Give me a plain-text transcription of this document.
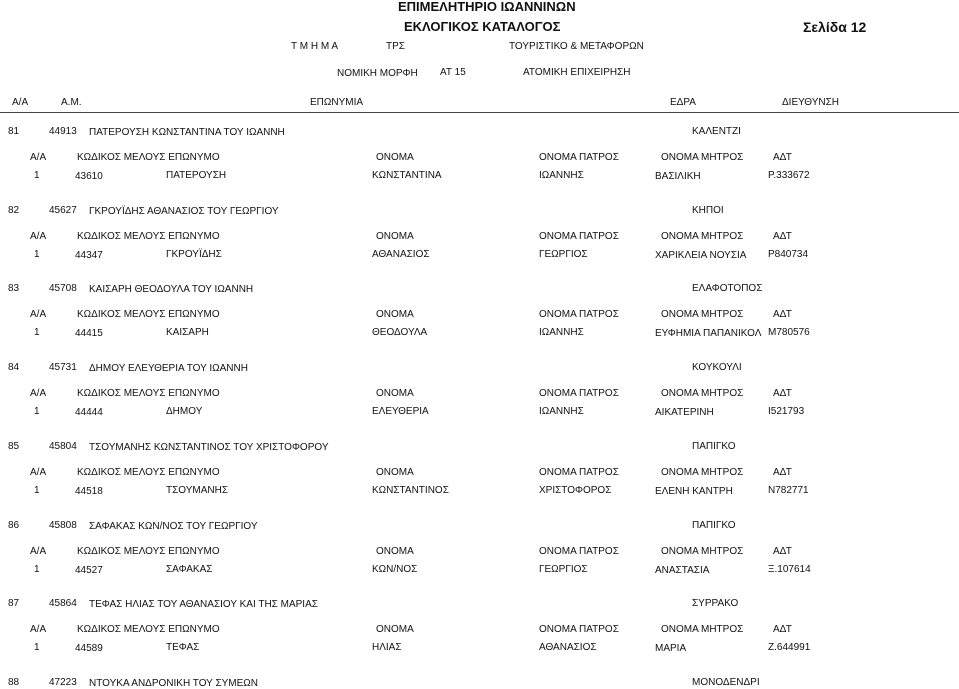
ΕΠΙΜΕΛΗΤΗΡΙΟ ΙΩΑΝΝΙΝΩΝ
ΕΚΛΟΓΙΚΟΣ ΚΑΤΑΛΟΓΟΣ	Σελίδα 12
Τ Μ Η Μ Α	ΤΡΣ	ΤΟΥΡΙΣΤΙΚΟ & ΜΕΤΑΦΟΡΩΝ
ΝΟΜΙΚΗ ΜΟΡΦΗ ΑΤ 15	ΑΤΟΜΙΚΗ ΕΠΙΧΕΙΡΗΣΗ
Α/Α	Α.Μ.	ΕΠΩΝΥΜΙΑ	ΕΔΡΑ	ΔΙΕΥΘΥΝΣΗ
81	44913 ΠΑΤΕΡΟΥΣΗ ΚΩΝΣΤΑΝΤΙΝΑ ΤΟΥ ΙΩΑΝΝΗ	ΚΑΛΕΝΤΖΙ
Α/Α	ΚΩΔΙΚΟΣ ΜΕΛΟΥΣ ΕΠΩΝΥΜΟ	ΟΝΟΜΑ	ΟΝΟΜΑ ΠΑΤΡΟΣ	ΟΝΟΜΑ ΜΗΤΡΟΣ	ΑΔΤ
1	43610	ΠΑΤΕΡΟΥΣΗ	ΚΩΝΣΤΑΝΤΙΝΑ	ΙΩΑΝΝΗΣ	ΒΑΣΙΛΙΚΗ	Ρ.333672
82	45627 ΓΚΡΟΥΪΔΗΣ ΑΘΑΝΑΣΙΟΣ ΤΟΥ ΓΕΩΡΓΙΟΥ	ΚΗΠΟΙ
Α/Α	ΚΩΔΙΚΟΣ ΜΕΛΟΥΣ ΕΠΩΝΥΜΟ	ΟΝΟΜΑ	ΟΝΟΜΑ ΠΑΤΡΟΣ	ΟΝΟΜΑ ΜΗΤΡΟΣ	ΑΔΤ
1	44347	ΓΚΡΟΥΪΔΗΣ	ΑΘΑΝΑΣΙΟΣ	ΓΕΩΡΓΙΟΣ	ΧΑΡΙΚΛΕΙΑ ΝΟΥΣΙΑ Ρ840734
83	45708 ΚΑΙΣΑΡΗ ΘΕΟΔΟΥΛΑ ΤΟΥ ΙΩΑΝΝΗ	ΕΛΑΦΟΤΟΠΟΣ
Α/Α	ΚΩΔΙΚΟΣ ΜΕΛΟΥΣ ΕΠΩΝΥΜΟ	ΟΝΟΜΑ	ΟΝΟΜΑ ΠΑΤΡΟΣ	ΟΝΟΜΑ ΜΗΤΡΟΣ	ΑΔΤ
1	44415	ΚΑΙΣΑΡΗ	ΘΕΟΔΟΥΛΑ	ΙΩΑΝΝΗΣ	ΕΥΦΗΜΙΑ ΠΑΠΑΝΙΚΟΛ Μ780576
84	45731 ΔΗΜΟΥ ΕΛΕΥΘΕΡΙΑ ΤΟΥ ΙΩΑΝΝΗ	ΚΟΥΚΟΥΛΙ
Α/Α	ΚΩΔΙΚΟΣ ΜΕΛΟΥΣ ΕΠΩΝΥΜΟ	ΟΝΟΜΑ	ΟΝΟΜΑ ΠΑΤΡΟΣ	ΟΝΟΜΑ ΜΗΤΡΟΣ	ΑΔΤ
1	44444	ΔΗΜΟΥ	ΕΛΕΥΘΕΡΙΑ	ΙΩΑΝΝΗΣ	ΑΙΚΑΤΕΡΙΝΗ	Ι521793
85	45804 ΤΣΟΥΜΑΝΗΣ ΚΩΝΣΤΑΝΤΙΝΟΣ ΤΟΥ ΧΡΙΣΤΟΦΟΡΟΥ	ΠΑΠΙΓΚΟ
Α/Α	ΚΩΔΙΚΟΣ ΜΕΛΟΥΣ ΕΠΩΝΥΜΟ	ΟΝΟΜΑ	ΟΝΟΜΑ ΠΑΤΡΟΣ	ΟΝΟΜΑ ΜΗΤΡΟΣ	ΑΔΤ
1	44518	ΤΣΟΥΜΑΝΗΣ	ΚΩΝΣΤΑΝΤΙΝΟΣ	ΧΡΙΣΤΟΦΟΡΟΣ	ΕΛΕΝΗ ΚΑΝΤΡΗ	Ν782771
86	45808 ΣΑΦΑΚΑΣ ΚΩΝ/ΝΟΣ ΤΟΥ ΓΕΩΡΓΙΟΥ	ΠΑΠΙΓΚΟ
Α/Α	ΚΩΔΙΚΟΣ ΜΕΛΟΥΣ ΕΠΩΝΥΜΟ	ΟΝΟΜΑ	ΟΝΟΜΑ ΠΑΤΡΟΣ	ΟΝΟΜΑ ΜΗΤΡΟΣ	ΑΔΤ
1	44527	ΣΑΦΑΚΑΣ	ΚΩΝ/ΝΟΣ	ΓΕΩΡΓΙΟΣ	ΑΝΑΣΤΑΣΙΑ	Ξ.107614
87	45864 ΤΕΦΑΣ ΗΛΙΑΣ ΤΟΥ ΑΘΑΝΑΣΙΟΥ ΚΑΙ ΤΗΣ ΜΑΡΙΑΣ	ΣΥΡΡΑΚΟ
Α/Α	ΚΩΔΙΚΟΣ ΜΕΛΟΥΣ ΕΠΩΝΥΜΟ	ΟΝΟΜΑ	ΟΝΟΜΑ ΠΑΤΡΟΣ	ΟΝΟΜΑ ΜΗΤΡΟΣ	ΑΔΤ
1	44589	ΤΕΦΑΣ	ΗΛΙΑΣ	ΑΘΑΝΑΣΙΟΣ	ΜΑΡΙΑ	Ζ.644991
88	47223 ΝΤΟΥΚΑ ΑΝΔΡΟΝΙΚΗ ΤΟΥ ΣΥΜΕΩΝ	ΜΟΝΟΔΕΝΔΡΙ
